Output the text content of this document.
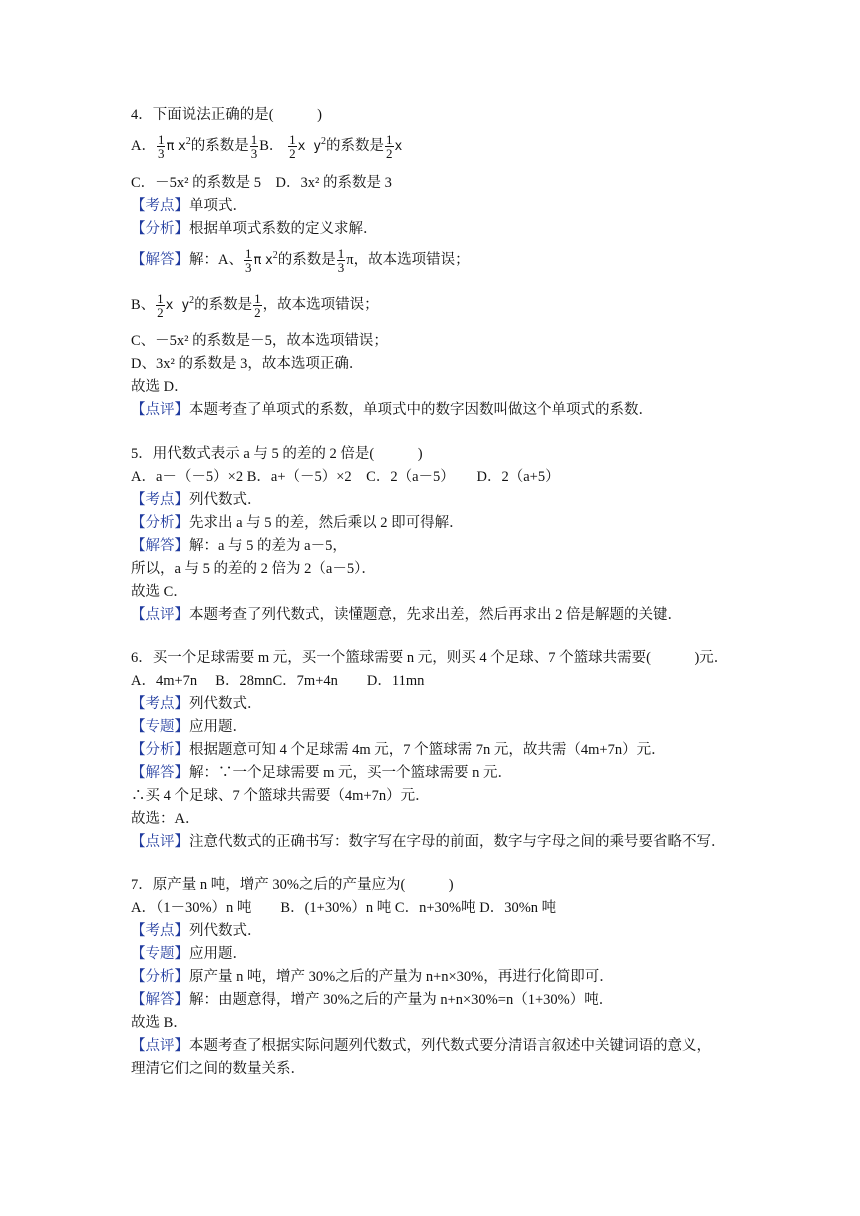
4．下面说法正确的是(　　　)
A． $\frac{1}{3}$ π $x^2$的系数是 $\frac{1}{3}$ B． $\frac{1}{2}$ x $y^2$的系数是 $\frac{1}{2}$ x
C．－5x² 的系数是 5　D．3x² 的系数是 3
【考点】单项式．
【分析】根据单项式系数的定义求解．
【解答】解：A、 $\frac{1}{3}$ π $x^2$的系数是 $\frac{1}{3}$ π，故本选项错误；
B、 $\frac{1}{2}$ x $y^2$的系数是 $\frac{1}{2}$ ，故本选项错误；
C、－5x² 的系数是－5，故本选项错误；
D、3x² 的系数是 3，故本选项正确．
故选 D．
【点评】本题考查了单项式的系数，单项式中的数字因数叫做这个单项式的系数．
5．用代数式表示 a 与 5 的差的 2 倍是(　　　)
A．a－（－5）×2 B．a+（－5）×2　C．2（a－5）　　D．2（a+5）
【考点】列代数式．
【分析】先求出 a 与 5 的差，然后乘以 2 即可得解．
【解答】解：a 与 5 的差为 a－5，
所以，a 与 5 的差的 2 倍为 2（a－5）．
故选 C．
【点评】本题考查了列代数式，读懂题意，先求出差，然后再求出 2 倍是解题的关键．
6．买一个足球需要 m 元，买一个篮球需要 n 元，则买 4 个足球、7 个篮球共需要(　　　)元．
A．4m+7n　 B．28mnC．7m+4n　　D．11mn
【考点】列代数式．
【专题】应用题．
【分析】根据题意可知 4 个足球需 4m 元，7 个篮球需 7n 元，故共需（4m+7n）元．
【解答】解：∵一个足球需要 m 元，买一个篮球需要 n 元．
∴买 4 个足球、7 个篮球共需要（4m+7n）元．
故选：A．
【点评】注意代数式的正确书写：数字写在字母的前面，数字与字母之间的乘号要省略不写．
7．原产量 n 吨，增产 30%之后的产量应为(　　　)
A．（1－30%）n 吨　　B．(1+30%）n 吨 C．n+30%吨 D．30%n 吨
【考点】列代数式．
【专题】应用题．
【分析】原产量 n 吨，增产 30%之后的产量为 n+n×30%，再进行化简即可．
【解答】解：由题意得，增产 30%之后的产量为 n+n×30%=n（1+30%）吨．
故选 B．
【点评】本题考查了根据实际问题列代数式，列代数式要分清语言叙述中关键词语的意义，
理清它们之间的数量关系．
